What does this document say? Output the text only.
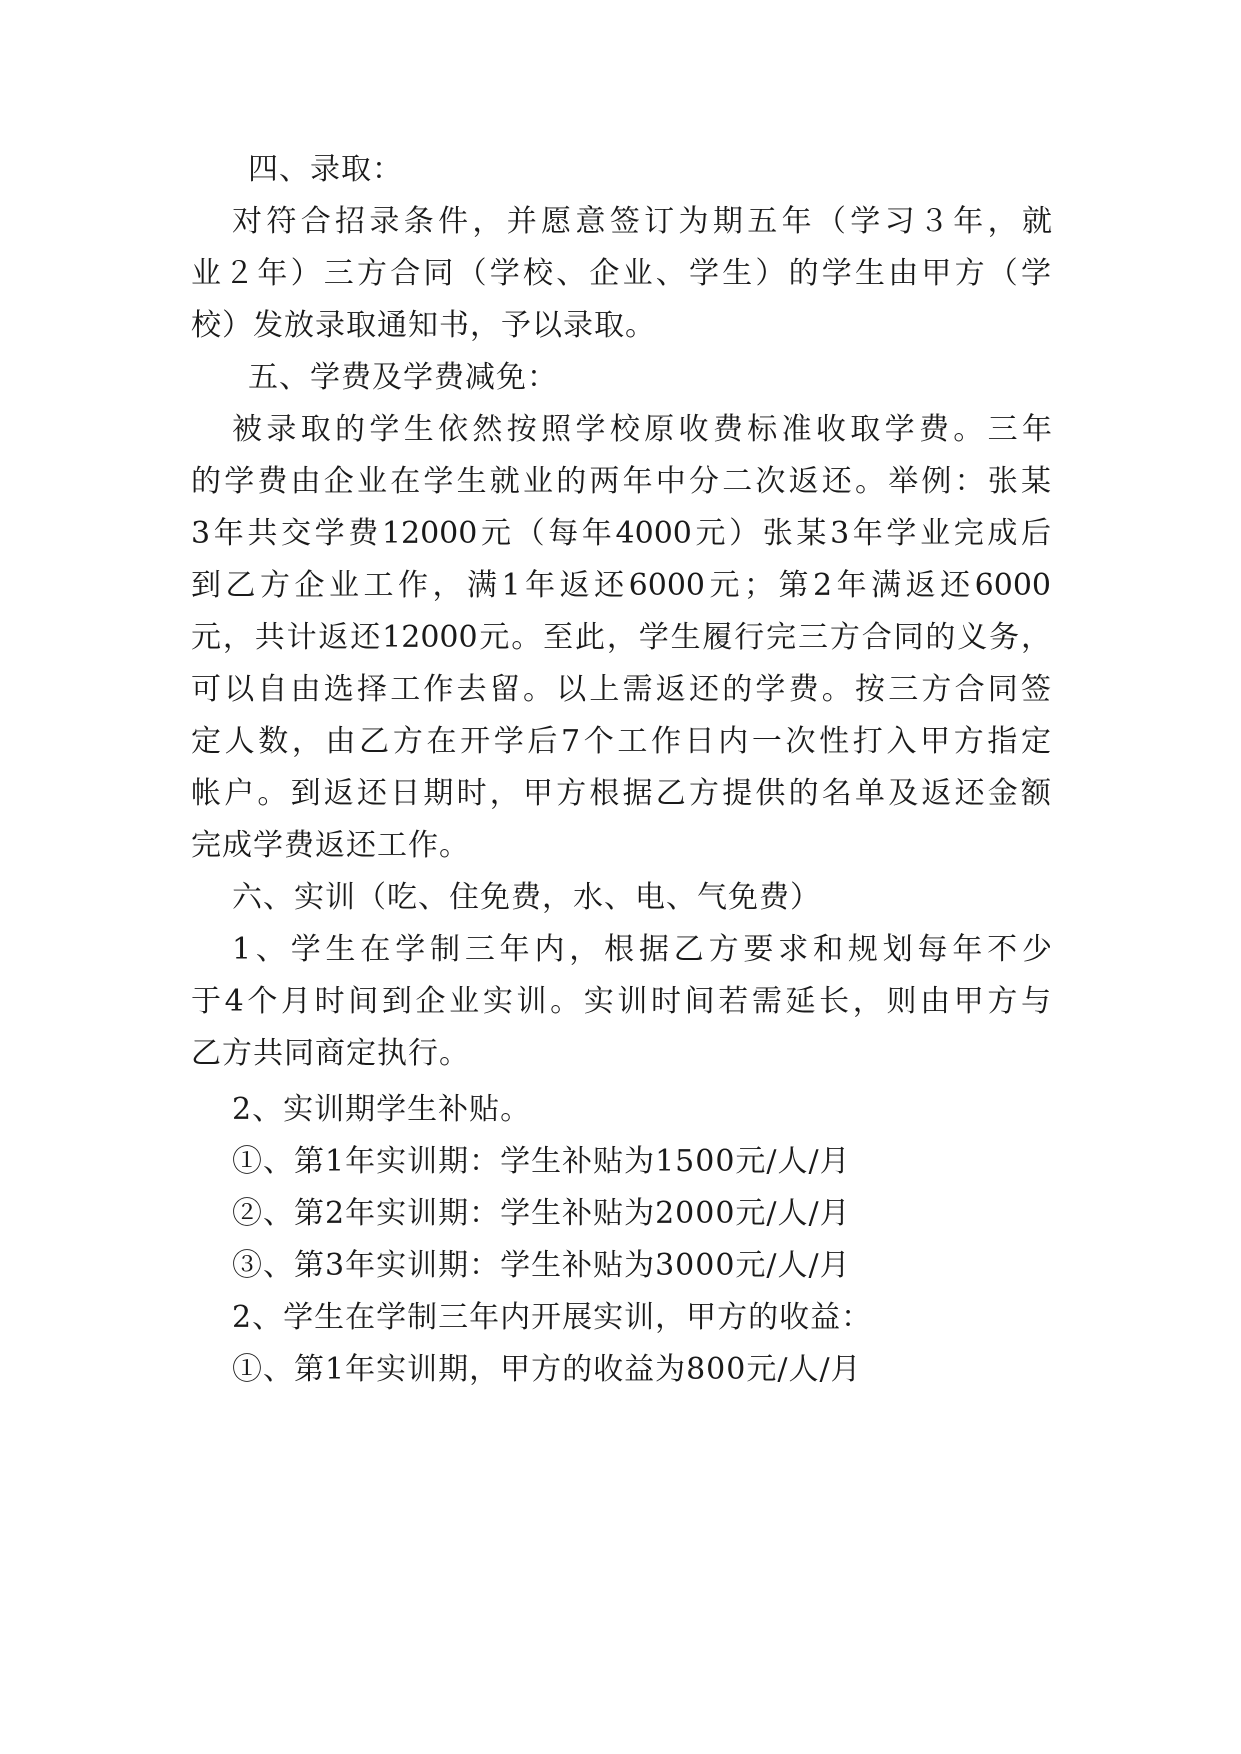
四、录取：
对符合招录条件，并愿意签订为期五年（学习３年，就
业２年）三方合同（学校、企业、学生）的学生由甲方（学
校）发放录取通知书，予以录取。
五、学费及学费减免：
被录取的学生依然按照学校原收费标准收取学费。三年
的学费由企业在学生就业的两年中分二次返还。举例：张某
3年共交学费12000元（每年4000元）张某3年学业完成后
到乙方企业工作，满1年返还6000元；第2年满返还6000
元，共计返还12000元。至此，学生履行完三方合同的义务，
可以自由选择工作去留。以上需返还的学费。按三方合同签
定人数，由乙方在开学后7个工作日内一次性打入甲方指定
帐户。到返还日期时，甲方根据乙方提供的名单及返还金额
完成学费返还工作。
六、实训（吃、住免费，水、电、气免费）
1、学生在学制三年内，根据乙方要求和规划每年不少
于4个月时间到企业实训。实训时间若需延长，则由甲方与
乙方共同商定执行。
2、实训期学生补贴。
①、第1年实训期：学生补贴为1500元/人/月
②、第2年实训期：学生补贴为2000元/人/月
③、第3年实训期：学生补贴为3000元/人/月
2、学生在学制三年内开展实训，甲方的收益：
①、第1年实训期，甲方的收益为800元/人/月
